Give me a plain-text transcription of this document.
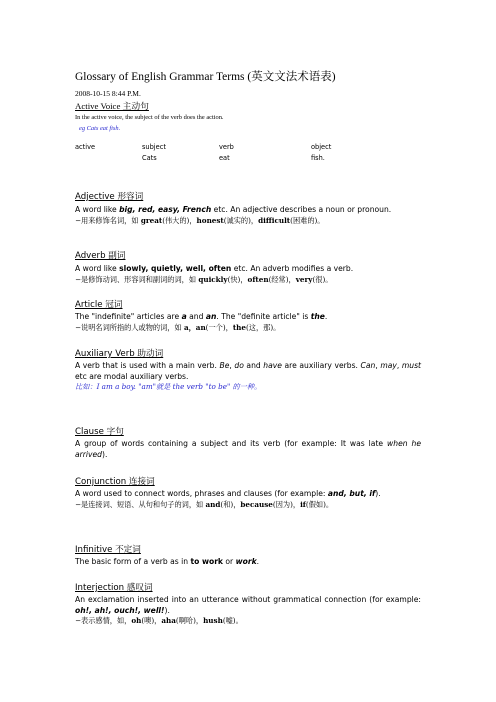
Glossary of English Grammar Terms (英文文法术语表)
2008-10-15 8:44 P.M.
Active Voice 主动句
In the active voice, the subject of the verb does the action.
eg Cats eat fish.
active	subject	verb	object
	Cats	eat	fish.
Adjective 形容词
A word like big, red, easy, French etc. An adjective describes a noun or pronoun.
−用来修饰名词，如 great(伟大的)，honest(诚实的)，difficult(困难的)。
Adverb 副词
A word like slowly, quietly, well, often etc. An adverb modifies a verb.
−是修饰动词、形容词和副词的词，如 quickly(快)，often(经常)，very(很)。
Article 冠词
The "indefinite" articles are a and an. The "definite article" is the.
−说明名词所指的人或物的词，如 a，an(一个)，the(这，那)。
Auxiliary Verb 助动词
A verb that is used with a main verb. Be, do and have are auxiliary verbs. Can, may, must etc are modal auxiliary verbs.
比如：I am a boy. "am"就是 the verb "to be" 的一种。
Clause 字句
A group of words containing a subject and its verb (for example: It was late when he arrived).
Conjunction 连接词
A word used to connect words, phrases and clauses (for example: and, but, if).
−是连接词、短语、从句和句子的词，如 and(和)，because(因为)，if(假如)。
Infinitive 不定词
The basic form of a verb as in to work or work.
Interjection 感叹词
An exclamation inserted into an utterance without grammatical connection (for example: oh!, ah!, ouch!, well!).
−表示感情，如，oh(噢)，aha(啊哈)，hush(嘘)。
